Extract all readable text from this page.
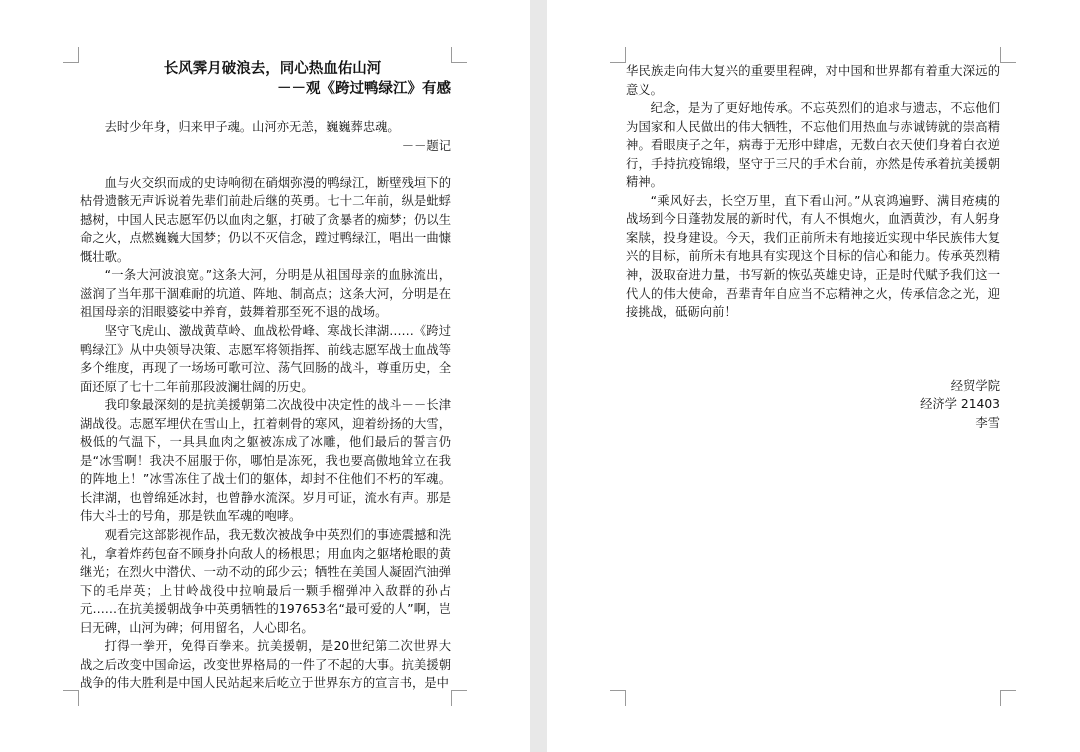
长风霁月破浪去，同心热血佑山河
－－观《跨过鸭绿江》有感

去时少年身，归来甲子魂。山河亦无恙，巍巍葬忠魂。

－－题记

血与火交织而成的史诗响彻在硝烟弥漫的鸭绿江，断壁残垣下的枯骨遗骸无声诉说着先辈们前赴后继的英勇。七十二年前，纵是蚍蜉撼树，中国人民志愿军仍以血肉之躯，打破了贪暴者的痴梦；仍以生命之火，点燃巍巍大国梦；仍以不灭信念，蹚过鸭绿江，唱出一曲慷慨壮歌。

“一条大河波浪宽。”这条大河，分明是从祖国母亲的血脉流出，滋润了当年那干涸难耐的坑道、阵地、制高点；这条大河，分明是在祖国母亲的泪眼婆娑中养育，鼓舞着那至死不退的战场。

坚守飞虎山、激战黄草岭、血战松骨峰、寒战长津湖……《跨过鸭绿江》从中央领导决策、志愿军将领指挥、前线志愿军战士血战等多个维度，再现了一场场可歌可泣、荡气回肠的战斗，尊重历史，全面还原了七十二年前那段波澜壮阔的历史。

我印象最深刻的是抗美援朝第二次战役中决定性的战斗－－长津湖战役。志愿军埋伏在雪山上，扛着刺骨的寒风，迎着纷扬的大雪，极低的气温下，一具具血肉之躯被冻成了冰雕，他们最后的誓言仍是“冰雪啊！我决不屈服于你，哪怕是冻死，我也要高傲地耸立在我的阵地上！”冰雪冻住了战士们的躯体，却封不住他们不朽的军魂。长津湖，也曾绵延冰封，也曾静水流深。岁月可证，流水有声。那是伟大斗士的号角，那是铁血军魂的咆哮。

观看完这部影视作品，我无数次被战争中英烈们的事迹震撼和洗礼，拿着炸药包奋不顾身扑向敌人的杨根思；用血肉之躯堵枪眼的黄继光；在烈火中潜伏、一动不动的邱少云；牺牲在美国人凝固汽油弹下的毛岸英；上甘岭战役中拉响最后一颗手榴弹冲入敌群的孙占元……在抗美援朝战争中英勇牺牲的197653名“最可爱的人”啊，岂曰无碑，山河为碑；何用留名，人心即名。

打得一拳开，免得百拳来。抗美援朝，是20世纪第二次世界大战之后改变中国命运，改变世界格局的一件了不起的大事。抗美援朝战争的伟大胜利是中国人民站起来后屹立于世界东方的宣言书，是中

华民族走向伟大复兴的重要里程碑，对中国和世界都有着重大深远的意义。

纪念，是为了更好地传承。不忘英烈们的追求与遗志，不忘他们为国家和人民做出的伟大牺牲，不忘他们用热血与赤诚铸就的崇高精神。看眼庚子之年，病毒于无形中肆虐，无数白衣天使们身着白衣逆行，手持抗疫锦缎，坚守于三尺的手术台前，亦然是传承着抗美援朝精神。

“乘风好去，长空万里，直下看山河。”从哀鸿遍野、满目疮痍的战场到今日蓬勃发展的新时代，有人不惧炮火，血洒黄沙，有人躬身案牍，投身建设。今天，我们正前所未有地接近实现中华民族伟大复兴的目标，前所未有地具有实现这个目标的信心和能力。传承英烈精神，汲取奋进力量，书写新的恢弘英雄史诗，正是时代赋予我们这一代人的伟大使命，吾辈青年自应当不忘精神之火，传承信念之光，迎接挑战，砥砺向前！

经贸学院
经济学 21403
李雪
